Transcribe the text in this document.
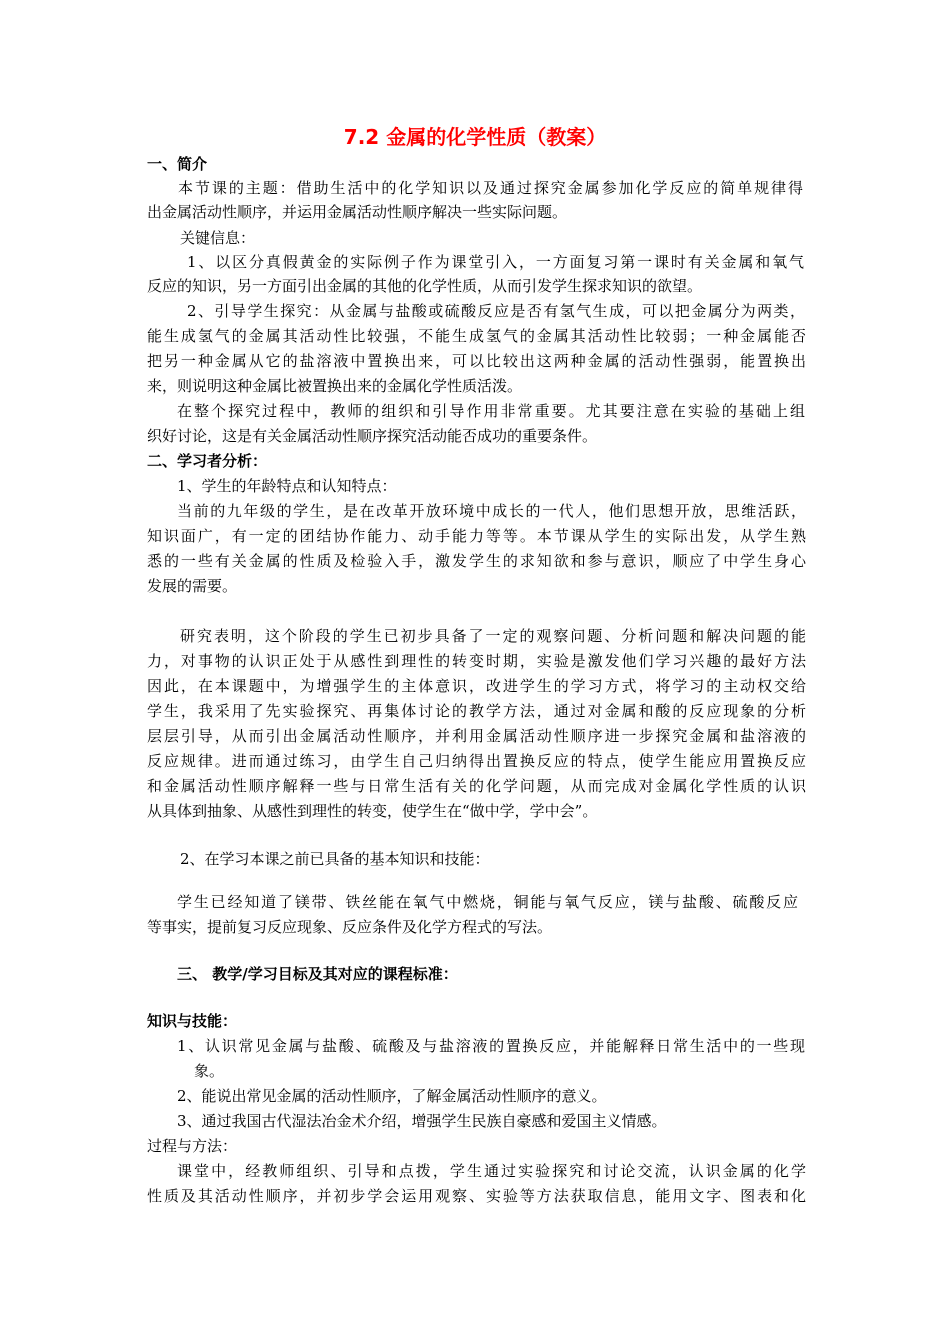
7.2 金属的化学性质（教案）
一、简介
本节课的主题：借助生活中的化学知识以及通过探究金属参加化学反应的简单规律得
出金属活动性顺序，并运用金属活动性顺序解决一些实际问题。
关键信息：
1、以区分真假黄金的实际例子作为课堂引入，一方面复习第一课时有关金属和氧气
反应的知识，另一方面引出金属的其他的化学性质，从而引发学生探求知识的欲望。
2、引导学生探究：从金属与盐酸或硫酸反应是否有氢气生成，可以把金属分为两类，
能生成氢气的金属其活动性比较强，不能生成氢气的金属其活动性比较弱；一种金属能否
把另一种金属从它的盐溶液中置换出来，可以比较出这两种金属的活动性强弱，能置换出
来，则说明这种金属比被置换出来的金属化学性质活泼。
在整个探究过程中，教师的组织和引导作用非常重要。尤其要注意在实验的基础上组
织好讨论，这是有关金属活动性顺序探究活动能否成功的重要条件。
二、学习者分析：
1、学生的年龄特点和认知特点：
当前的九年级的学生，是在改革开放环境中成长的一代人，他们思想开放，思维活跃，
知识面广，有一定的团结协作能力、动手能力等等。本节课从学生的实际出发，从学生熟
悉的一些有关金属的性质及检验入手，激发学生的求知欲和参与意识，顺应了中学生身心
发展的需要。
研究表明，这个阶段的学生已初步具备了一定的观察问题、分析问题和解决问题的能
力，对事物的认识正处于从感性到理性的转变时期，实验是激发他们学习兴趣的最好方法
因此，在本课题中，为增强学生的主体意识，改进学生的学习方式，将学习的主动权交给
学生，我采用了先实验探究、再集体讨论的教学方法，通过对金属和酸的反应现象的分析
层层引导，从而引出金属活动性顺序，并利用金属活动性顺序进一步探究金属和盐溶液的
反应规律。进而通过练习，由学生自己归纳得出置换反应的特点，使学生能应用置换反应
和金属活动性顺序解释一些与日常生活有关的化学问题，从而完成对金属化学性质的认识
从具体到抽象、从感性到理性的转变，使学生在“做中学，学中会”。
2、在学习本课之前已具备的基本知识和技能：
学生已经知道了镁带、铁丝能在氧气中燃烧，铜能与氧气反应，镁与盐酸、硫酸反应
等事实，提前复习反应现象、反应条件及化学方程式的写法。
三、 教学/学习目标及其对应的课程标准：
知识与技能：
1、认识常见金属与盐酸、硫酸及与盐溶液的置换反应，并能解释日常生活中的一些现
象。
2、能说出常见金属的活动性顺序，了解金属活动性顺序的意义。
3、通过我国古代湿法冶金术介绍，增强学生民族自豪感和爱国主义情感。
过程与方法：
课堂中，经教师组织、引导和点拨，学生通过实验探究和讨论交流，认识金属的化学
性质及其活动性顺序，并初步学会运用观察、实验等方法获取信息，能用文字、图表和化
